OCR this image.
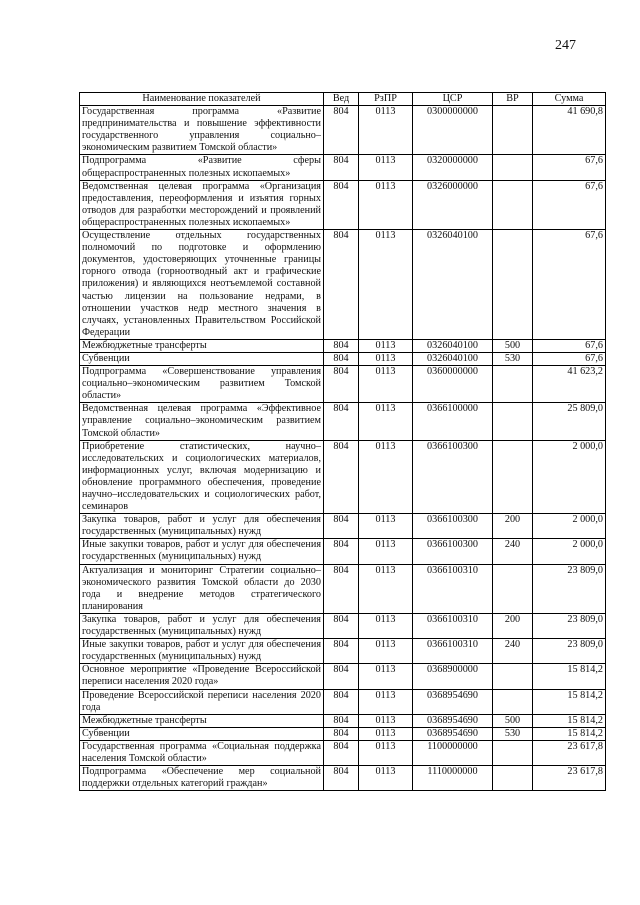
247
Наименование показателей	Вед	РзПР	ЦСР	ВР	Сумма
Государственная программа «Развитие предпринимательства и повышение эффективности государственного управления социально–экономическим развитием Томской области»	804	0113	0300000000		41 690,8
Подпрограмма «Развитие сферы общераспространенных полезных ископаемых»	804	0113	0320000000		67,6
Ведомственная целевая программа «Организация предоставления, переоформления и изъятия горных отводов для разработки месторождений и проявлений общераспространенных полезных ископаемых»	804	0113	0326000000		67,6
Осуществление отдельных государственных полномочий по подготовке и оформлению документов, удостоверяющих уточненные границы горного отвода (горноотводный акт и графические приложения) и являющихся неотъемлемой составной частью лицензии на пользование недрами, в отношении участков недр местного значения в случаях, установленных Правительством Российской Федерации	804	0113	0326040100		67,6
Межбюджетные трансферты	804	0113	0326040100	500	67,6
Субвенции	804	0113	0326040100	530	67,6
Подпрограмма «Совершенствование управления социально–экономическим развитием Томской области»	804	0113	0360000000		41 623,2
Ведомственная целевая программа «Эффективное управление социально–экономическим развитием Томской области»	804	0113	0366100000		25 809,0
Приобретение статистических, научно–исследовательских и социологических материалов, информационных услуг, включая модернизацию и обновление программного обеспечения, проведение научно–исследовательских и социологических работ, семинаров	804	0113	0366100300		2 000,0
Закупка товаров, работ и услуг для обеспечения государственных (муниципальных) нужд	804	0113	0366100300	200	2 000,0
Иные закупки товаров, работ и услуг для обеспечения государственных (муниципальных) нужд	804	0113	0366100300	240	2 000,0
Актуализация и мониторинг Стратегии социально–экономического развития Томской области до 2030 года и внедрение методов стратегического планирования	804	0113	0366100310		23 809,0
Закупка товаров, работ и услуг для обеспечения государственных (муниципальных) нужд	804	0113	0366100310	200	23 809,0
Иные закупки товаров, работ и услуг для обеспечения государственных (муниципальных) нужд	804	0113	0366100310	240	23 809,0
Основное мероприятие «Проведение Всероссийской переписи населения 2020 года»	804	0113	0368900000		15 814,2
Проведение Всероссийской переписи населения 2020 года	804	0113	0368954690		15 814,2
Межбюджетные трансферты	804	0113	0368954690	500	15 814,2
Субвенции	804	0113	0368954690	530	15 814,2
Государственная программа «Социальная поддержка населения Томской области»	804	0113	1100000000		23 617,8
Подпрограмма «Обеспечение мер социальной поддержки отдельных категорий граждан»	804	0113	1110000000		23 617,8
